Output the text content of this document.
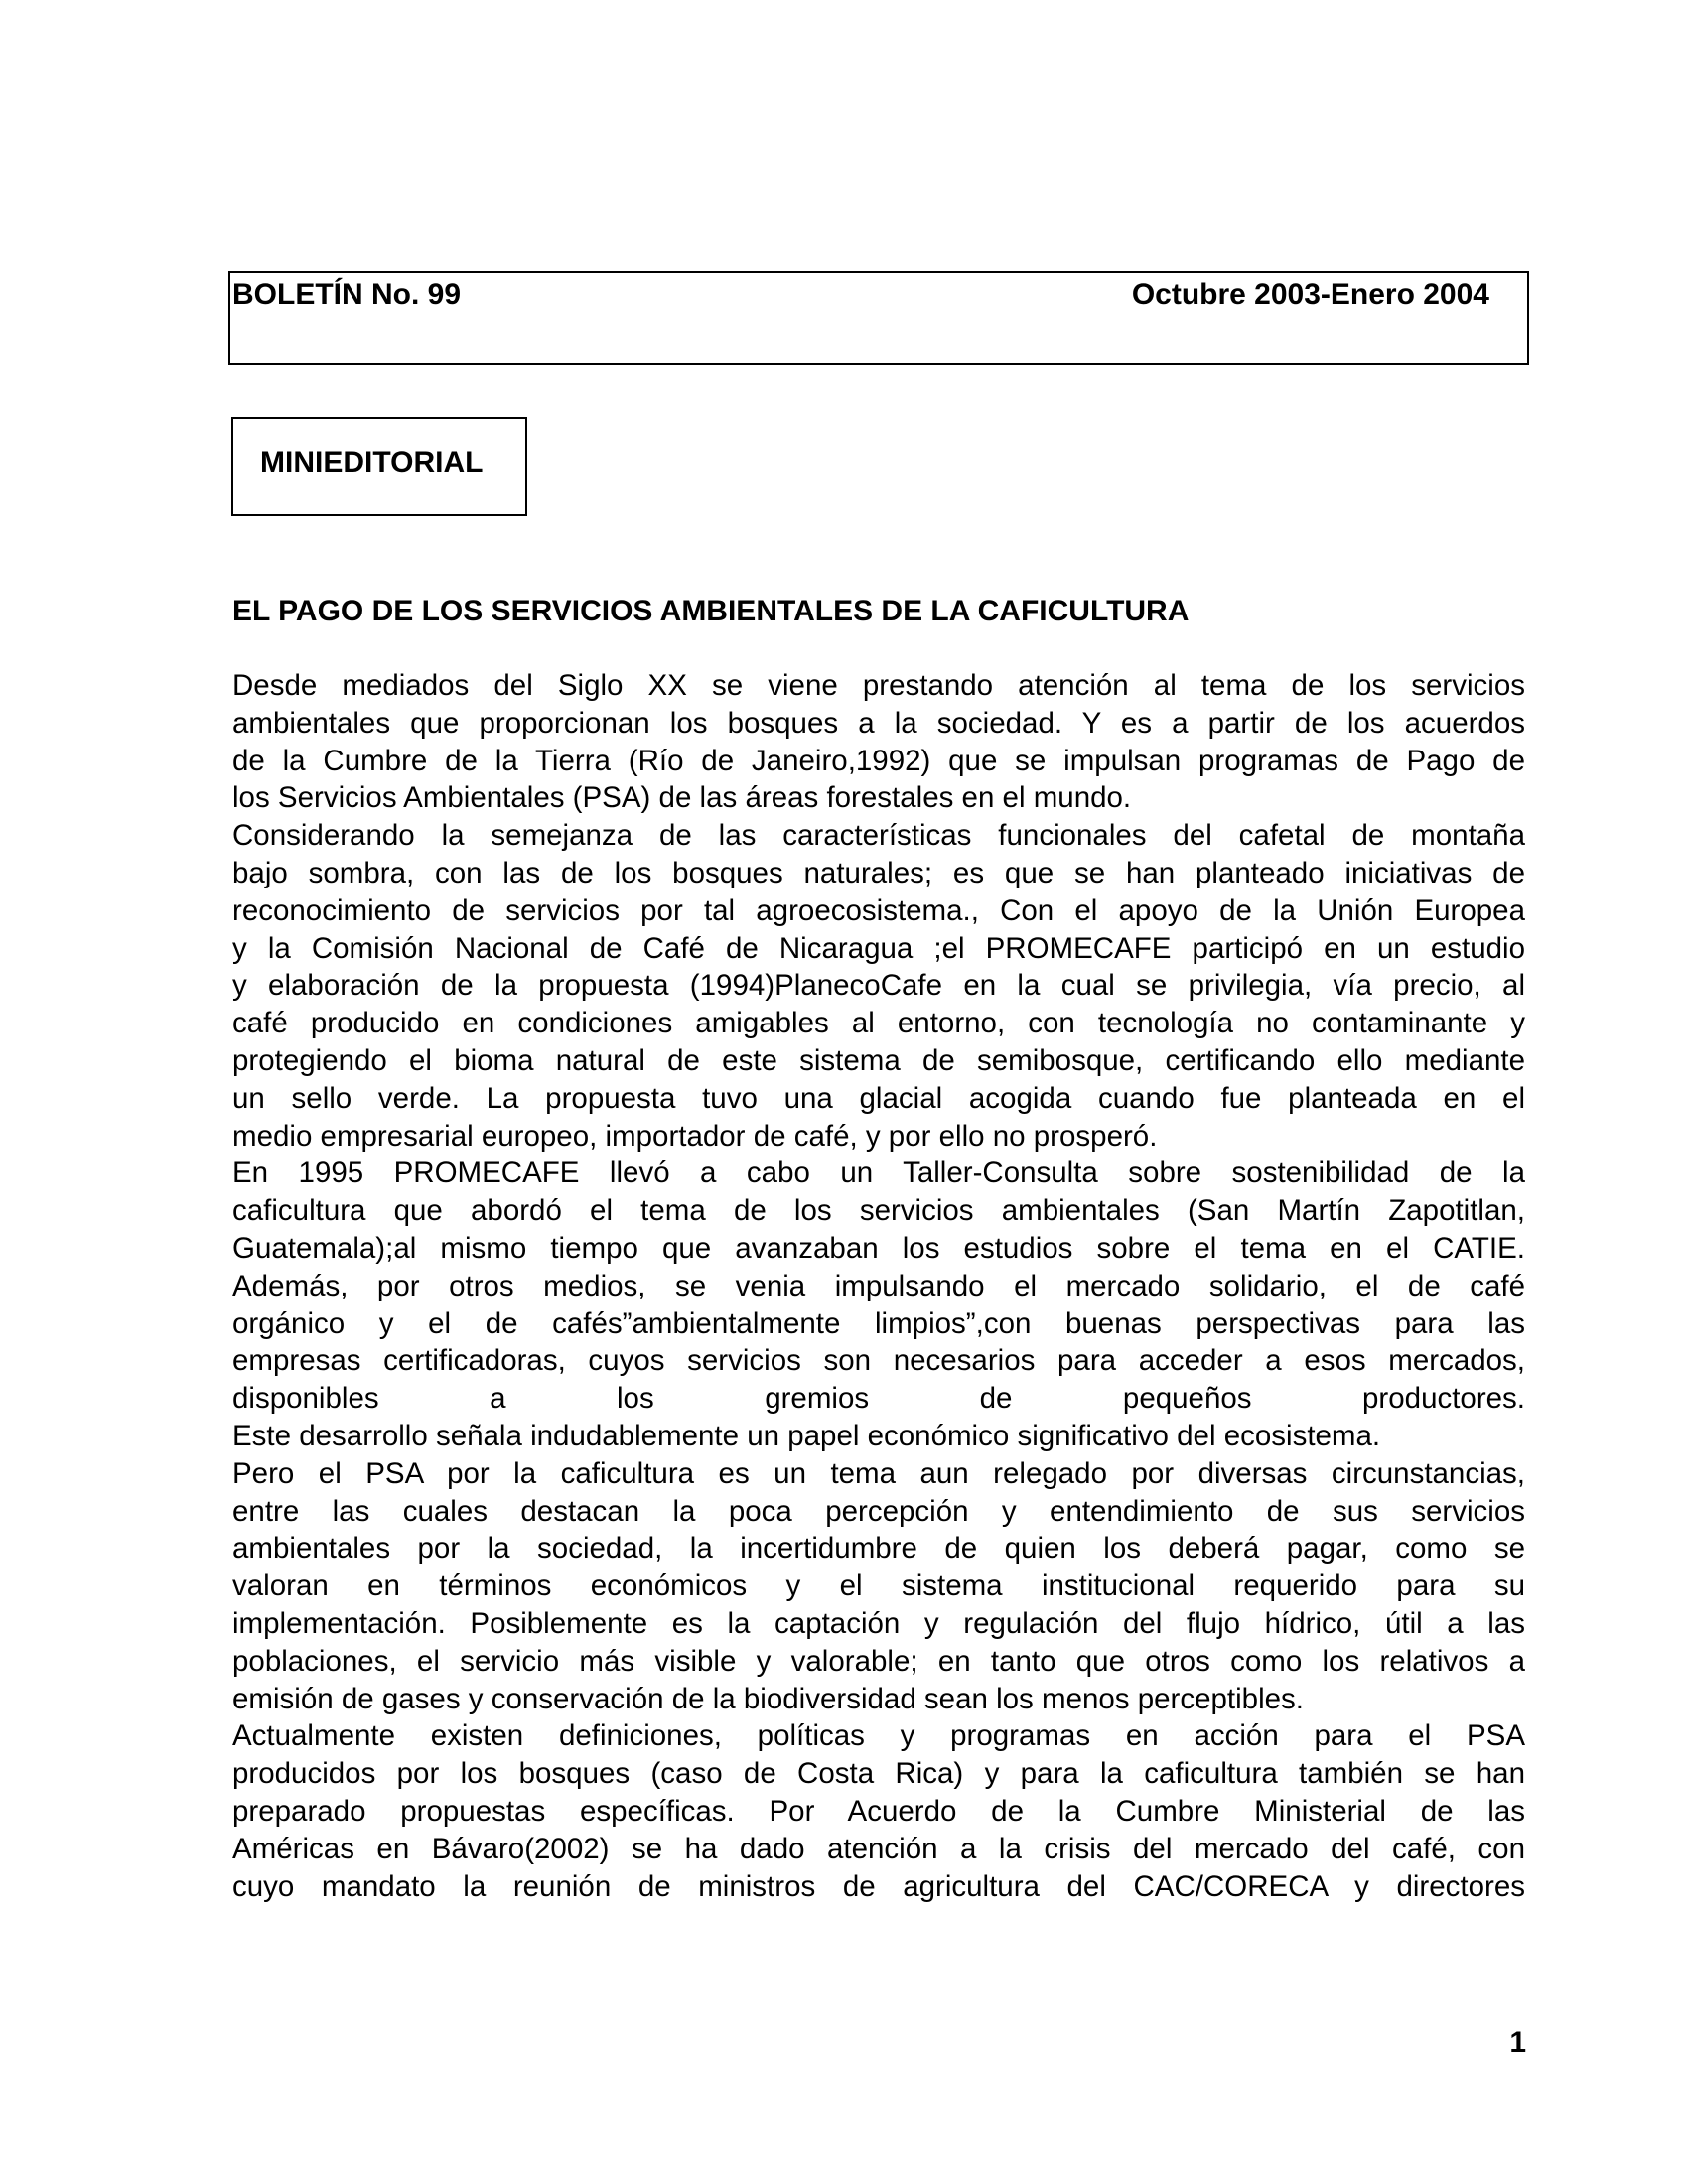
BOLETÍN No. 99	Octubre 2003-Enero 2004
MINIEDITORIAL
EL PAGO DE LOS SERVICIOS AMBIENTALES DE LA CAFICULTURA
Desde mediados del Siglo XX se viene prestando atención al tema de los servicios
ambientales que proporcionan los bosques a la sociedad. Y es a partir de los acuerdos
de la Cumbre de la Tierra (Río de Janeiro,1992) que se impulsan programas de Pago de
los Servicios Ambientales (PSA) de las áreas forestales en el mundo.
Considerando la semejanza de las características funcionales del cafetal de montaña
bajo sombra, con las de los bosques naturales; es que se han planteado iniciativas de
reconocimiento de servicios por tal agroecosistema., Con el apoyo de la Unión Europea
y la Comisión Nacional de Café de Nicaragua ;el PROMECAFE participó en un estudio
y elaboración de la propuesta (1994)PlanecoCafe en la cual se privilegia, vía precio, al
café producido en condiciones amigables al entorno, con tecnología no contaminante y
protegiendo el bioma natural de este sistema de semibosque, certificando ello mediante
un sello verde. La propuesta tuvo una glacial acogida cuando fue planteada en el
medio empresarial europeo, importador de café, y por ello no prosperó.
En 1995 PROMECAFE llevó a cabo un Taller-Consulta sobre sostenibilidad de la
caficultura que abordó el tema de los servicios ambientales (San Martín Zapotitlan,
Guatemala);al mismo tiempo que avanzaban los estudios sobre el tema en el CATIE.
Además, por otros medios, se venia impulsando el mercado solidario, el de café
orgánico y el de cafés”ambientalmente limpios”,con buenas perspectivas para las
empresas certificadoras, cuyos servicios son necesarios para acceder a esos mercados,
disponibles a los gremios de pequeños productores.
Este desarrollo señala indudablemente un papel económico significativo del ecosistema.
Pero el PSA por la caficultura es un tema aun relegado por diversas circunstancias,
entre las cuales destacan la poca percepción y entendimiento de sus servicios
ambientales por la sociedad, la incertidumbre de quien los deberá pagar, como se
valoran en términos económicos y el sistema institucional requerido para su
implementación. Posiblemente es la captación y regulación del flujo hídrico, útil a las
poblaciones, el servicio más visible y valorable; en tanto que otros como los relativos a
emisión de gases y conservación de la biodiversidad sean los menos perceptibles.
Actualmente existen definiciones, políticas y programas en acción para el PSA
producidos por los bosques (caso de Costa Rica) y para la caficultura también se han
preparado propuestas específicas. Por Acuerdo de la Cumbre Ministerial de las
Américas en Bávaro(2002) se ha dado atención a la crisis del mercado del café, con
cuyo mandato la reunión de ministros de agricultura del CAC/CORECA y directores
1
